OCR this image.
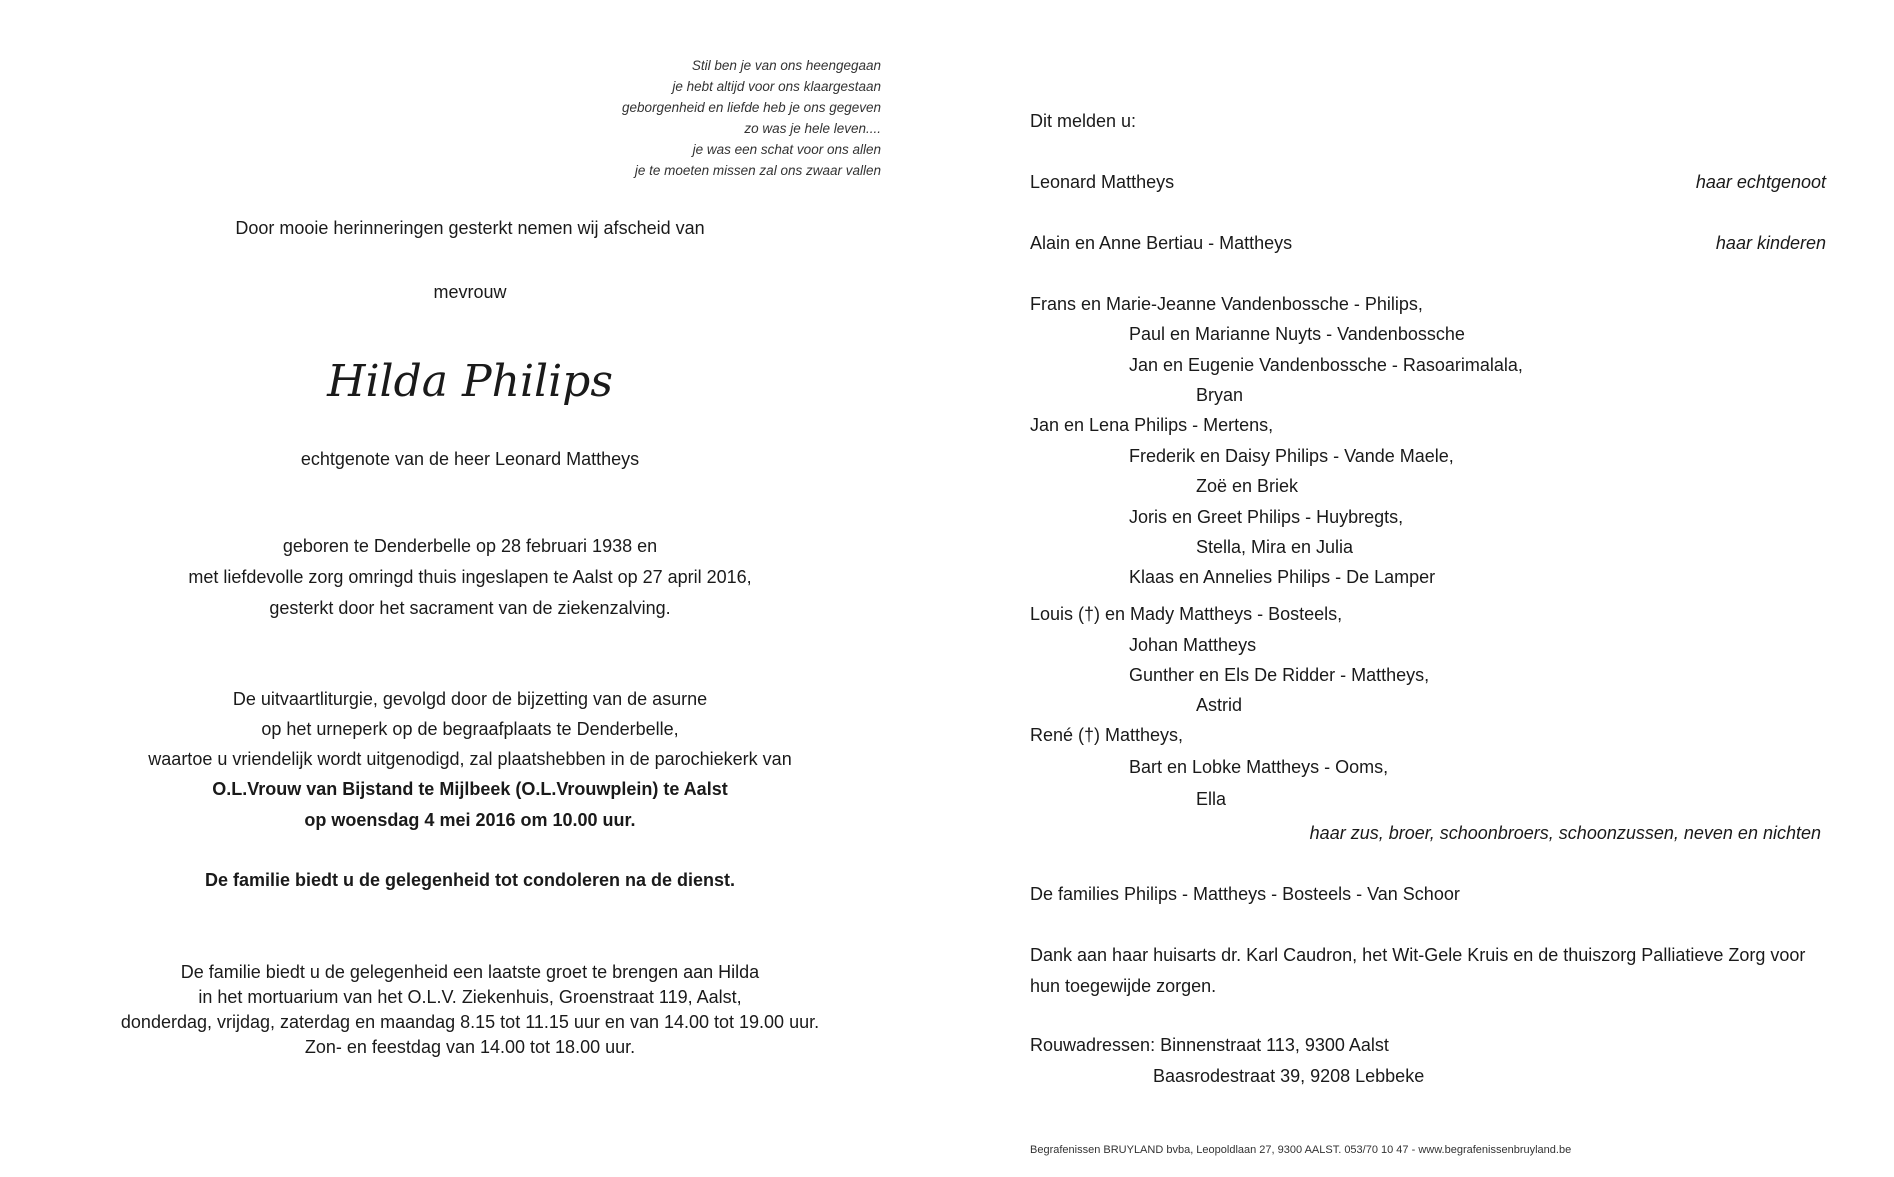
Stil ben je van ons heengegaan
je hebt altijd voor ons klaargestaan
geborgenheid en liefde heb je ons gegeven
zo was je hele leven....
je was een schat voor ons allen
je te moeten missen zal ons zwaar vallen
Door mooie herinneringen gesterkt nemen wij afscheid van
mevrouw
Hilda Philips
echtgenote van de heer Leonard Mattheys
geboren te Denderbelle op 28 februari 1938 en
met liefdevolle zorg omringd thuis ingeslapen te Aalst op 27 april 2016,
gesterkt door het sacrament van de ziekenzalving.
De uitvaartliturgie, gevolgd door de bijzetting van de asurne
op het urneperk op de begraafplaats te Denderbelle,
waartoe u vriendelijk wordt uitgenodigd, zal plaatshebben in de parochiekerk van
O.L.Vrouw van Bijstand te Mijlbeek (O.L.Vrouwplein) te Aalst
op woensdag 4 mei 2016 om 10.00 uur.
De familie biedt u de gelegenheid tot condoleren na de dienst.
De familie biedt u de gelegenheid een laatste groet te brengen aan Hilda
in het mortuarium van het O.L.V. Ziekenhuis, Groenstraat 119, Aalst,
donderdag, vrijdag, zaterdag en maandag 8.15 tot 11.15 uur en van 14.00 tot 19.00 uur.
Zon- en feestdag van 14.00 tot 18.00 uur.
Dit melden u:
Leonard Mattheys	haar echtgenoot
Alain en Anne Bertiau - Mattheys	haar kinderen
Frans en Marie-Jeanne Vandenbossche - Philips,
Paul en Marianne Nuyts - Vandenbossche
Jan en Eugenie Vandenbossche - Rasoarimalala,
Bryan
Jan en Lena Philips - Mertens,
Frederik en Daisy Philips - Vande Maele,
Zoë en Briek
Joris en Greet Philips - Huybregts,
Stella, Mira en Julia
Klaas en Annelies Philips - De Lamper
Louis (†) en Mady Mattheys - Bosteels,
Johan Mattheys
Gunther en Els De Ridder - Mattheys,
Astrid
René (†) Mattheys,
Bart en Lobke Mattheys - Ooms,
Ella
haar zus, broer, schoonbroers, schoonzussen, neven en nichten
De families Philips - Mattheys - Bosteels - Van Schoor
Dank aan haar huisarts dr. Karl Caudron, het Wit-Gele Kruis en de thuiszorg Palliatieve Zorg voor
hun toegewijde zorgen.
Rouwadressen: Binnenstraat 113, 9300 Aalst
Baasrodestraat 39, 9208 Lebbeke
Begrafenissen BRUYLAND bvba, Leopoldlaan 27, 9300 AALST. 053/70 10 47 - www.begrafenissenbruyland.be
